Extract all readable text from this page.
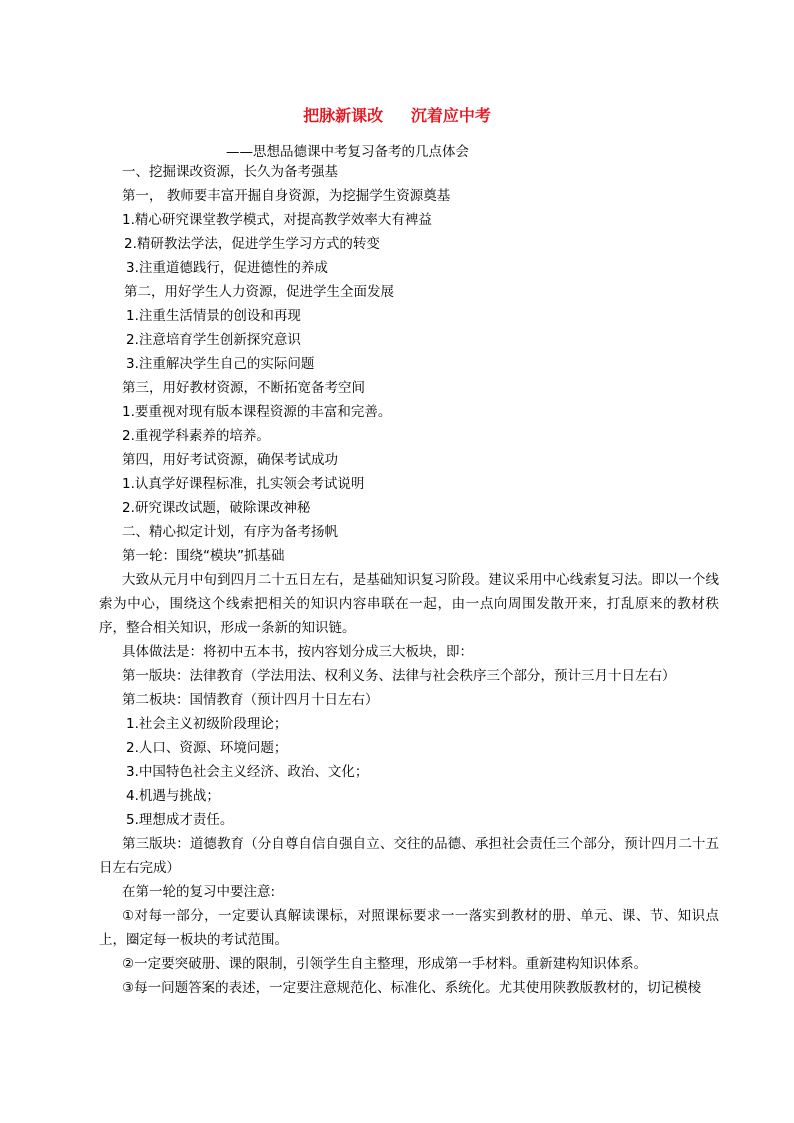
把脉新课改     沉着应中考
——思想品德课中考复习备考的几点体会
一、挖掘课改资源，长久为备考强基
第一， 教师要丰富开掘自身资源，为挖掘学生资源奠基
1.精心研究课堂教学模式，对提高教学效率大有裨益
2.精研教法学法，促进学生学习方式的转变
3.注重道德践行，促进德性的养成
第二，用好学生人力资源，促进学生全面发展
1.注重生活情景的创设和再现
2.注意培育学生创新探究意识
3.注重解决学生自己的实际问题
第三，用好教材资源，不断拓宽备考空间
1.要重视对现有版本课程资源的丰富和完善。
2.重视学科素养的培养。
第四，用好考试资源，确保考试成功
1.认真学好课程标准，扎实领会考试说明
2.研究课改试题，破除课改神秘
二、精心拟定计划，有序为备考扬帆
第一轮：围绕“模块”抓基础
大致从元月中旬到四月二十五日左右，是基础知识复习阶段。建议采用中心线索复习法。即以一个线索为中心，围绕这个线索把相关的知识内容串联在一起，由一点向周围发散开来，打乱原来的教材秩序，整合相关知识，形成一条新的知识链。
具体做法是：将初中五本书，按内容划分成三大板块，即：
第一版块：法律教育（学法用法、权利义务、法律与社会秩序三个部分，预计三月十日左右）
第二板块：国情教育（预计四月十日左右）
1.社会主义初级阶段理论；
2.人口、资源、环境问题；
3.中国特色社会主义经济、政治、文化；
4.机遇与挑战；
5.理想成才责任。
第三版块：道德教育（分自尊自信自强自立、交往的品德、承担社会责任三个部分，预计四月二十五日左右完成）
在第一轮的复习中要注意:
①对每一部分，一定要认真解读课标，对照课标要求一一落实到教材的册、单元、课、节、知识点上，圈定每一板块的考试范围。
②一定要突破册、课的限制，引领学生自主整理，形成第一手材料。重新建构知识体系。
③每一问题答案的表述，一定要注意规范化、标准化、系统化。尤其使用陕教版教材的，切记模棱
